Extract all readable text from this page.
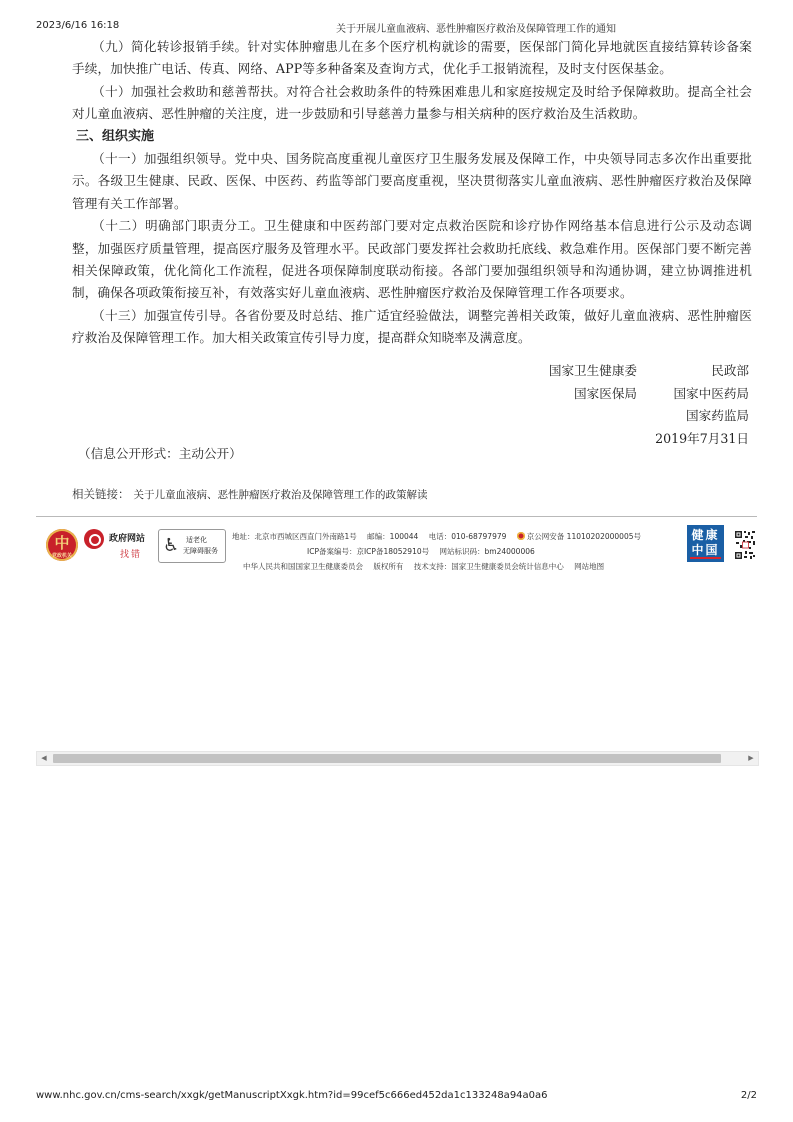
2023/6/16 16:18	关于开展儿童血液病、恶性肿瘤医疗救治及保障管理工作的通知

（九）简化转诊报销手续。针对实体肿瘤患儿在多个医疗机构就诊的需要，医保部门简化异地就医直接结算转诊备案手续，加快推广电话、传真、网络、APP等多种备案及查询方式，优化手工报销流程，及时支付医保基金。

（十）加强社会救助和慈善帮扶。对符合社会救助条件的特殊困难患儿和家庭按规定及时给予保障救助。提高全社会对儿童血液病、恶性肿瘤的关注度，进一步鼓励和引导慈善力量参与相关病种的医疗救治及生活救助。

三、组织实施

（十一）加强组织领导。党中央、国务院高度重视儿童医疗卫生服务发展及保障工作，中央领导同志多次作出重要批示。各级卫生健康、民政、医保、中医药、药监等部门要高度重视，坚决贯彻落实儿童血液病、恶性肿瘤医疗救治及保障管理有关工作部署。

（十二）明确部门职责分工。卫生健康和中医药部门要对定点救治医院和诊疗协作网络基本信息进行公示及动态调整，加强医疗质量管理，提高医疗服务及管理水平。民政部门要发挥社会救助托底线、救急难作用。医保部门要不断完善相关保障政策，优化简化工作流程，促进各项保障制度联动衔接。各部门要加强组织领导和沟通协调，建立协调推进机制，确保各项政策衔接互补，有效落实好儿童血液病、恶性肿瘤医疗救治及保障管理工作各项要求。

（十三）加强宣传引导。各省份要及时总结、推广适宜经验做法，调整完善相关政策，做好儿童血液病、恶性肿瘤医疗救治及保障管理工作。加大相关政策宣传引导力度，提高群众知晓率及满意度。

国家卫生健康委	民政部
国家医保局	国家中医药局
国家药监局
2019年7月31日
（信息公开形式：主动公开）
相关链接： 关于儿童血液病、恶性肿瘤医疗救治及保障管理工作的政策解读
中
党政机关
政府网站
找错 ♿ 适老化
无障碍服务
地址：北京市西城区西直门外南路1号 邮编：100044 电话：010-68797979	京公网安备 11010202000005号
ICP备案编号：京ICP备18052910号 网站标识码：bm24000006
中华人民共和国国家卫生健康委员会 版权所有 技术支持：国家卫生健康委员会统计信息中心 网站地图
健康
中国
◀	▶
www.nhc.gov.cn/cms-search/xxgk/getManuscriptXxgk.htm?id=99cef5c666ed452da1c133248a94a0a6	2/2
